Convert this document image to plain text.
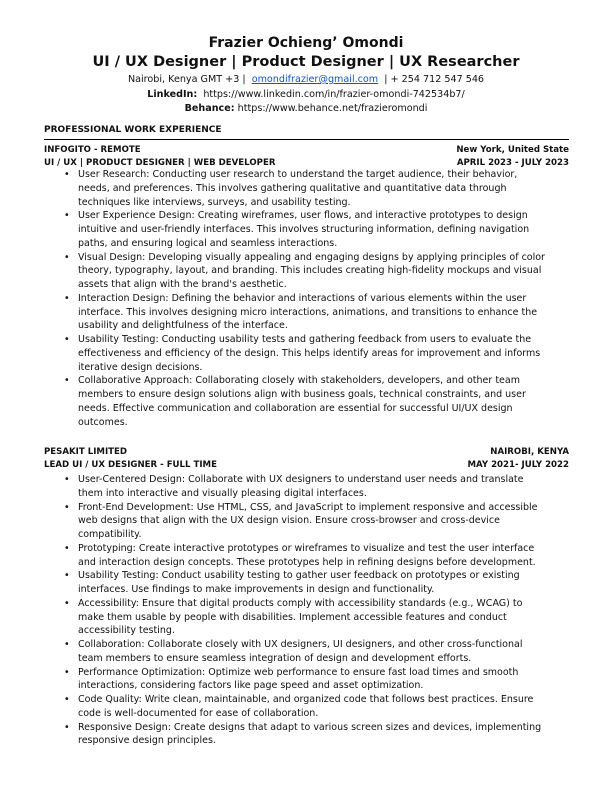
Frazier Ochieng’ Omondi
UI / UX Designer | Product Designer | UX Researcher
Nairobi, Kenya GMT +3 | omondifrazier@gmail.com | + 254 712 547 546
LinkedIn: https://www.linkedin.com/in/frazier-omondi-742534b7/
Behance: https://www.behance.net/frazieromondi
PROFESSIONAL WORK EXPERIENCE
INFOGITO - REMOTE	New York, United State
UI / UX | PRODUCT DESIGNER | WEB DEVELOPER	APRIL 2023 - JULY 2023
• User Research: Conducting user research to understand the target audience, their behavior,
needs, and preferences. This involves gathering qualitative and quantitative data through
techniques like interviews, surveys, and usability testing.
• User Experience Design: Creating wireframes, user flows, and interactive prototypes to design
intuitive and user-friendly interfaces. This involves structuring information, defining navigation
paths, and ensuring logical and seamless interactions.
• Visual Design: Developing visually appealing and engaging designs by applying principles of color
theory, typography, layout, and branding. This includes creating high-fidelity mockups and visual
assets that align with the brand's aesthetic.
• Interaction Design: Defining the behavior and interactions of various elements within the user
interface. This involves designing micro interactions, animations, and transitions to enhance the
usability and delightfulness of the interface.
• Usability Testing: Conducting usability tests and gathering feedback from users to evaluate the
effectiveness and efficiency of the design. This helps identify areas for improvement and informs
iterative design decisions.
• Collaborative Approach: Collaborating closely with stakeholders, developers, and other team
members to ensure design solutions align with business goals, technical constraints, and user
needs. Effective communication and collaboration are essential for successful UI/UX design
outcomes.
PESAKIT LIMITED	NAIROBI, KENYA
LEAD UI / UX DESIGNER - FULL TIME	MAY 2021- JULY 2022
• User-Centered Design: Collaborate with UX designers to understand user needs and translate
them into interactive and visually pleasing digital interfaces.
• Front-End Development: Use HTML, CSS, and JavaScript to implement responsive and accessible
web designs that align with the UX design vision. Ensure cross-browser and cross-device
compatibility.
• Prototyping: Create interactive prototypes or wireframes to visualize and test the user interface
and interaction design concepts. These prototypes help in refining designs before development.
• Usability Testing: Conduct usability testing to gather user feedback on prototypes or existing
interfaces. Use findings to make improvements in design and functionality.
• Accessibility: Ensure that digital products comply with accessibility standards (e.g., WCAG) to
make them usable by people with disabilities. Implement accessible features and conduct
accessibility testing.
• Collaboration: Collaborate closely with UX designers, UI designers, and other cross-functional
team members to ensure seamless integration of design and development efforts.
• Performance Optimization: Optimize web performance to ensure fast load times and smooth
interactions, considering factors like page speed and asset optimization.
• Code Quality: Write clean, maintainable, and organized code that follows best practices. Ensure
code is well-documented for ease of collaboration.
• Responsive Design: Create designs that adapt to various screen sizes and devices, implementing
responsive design principles.
